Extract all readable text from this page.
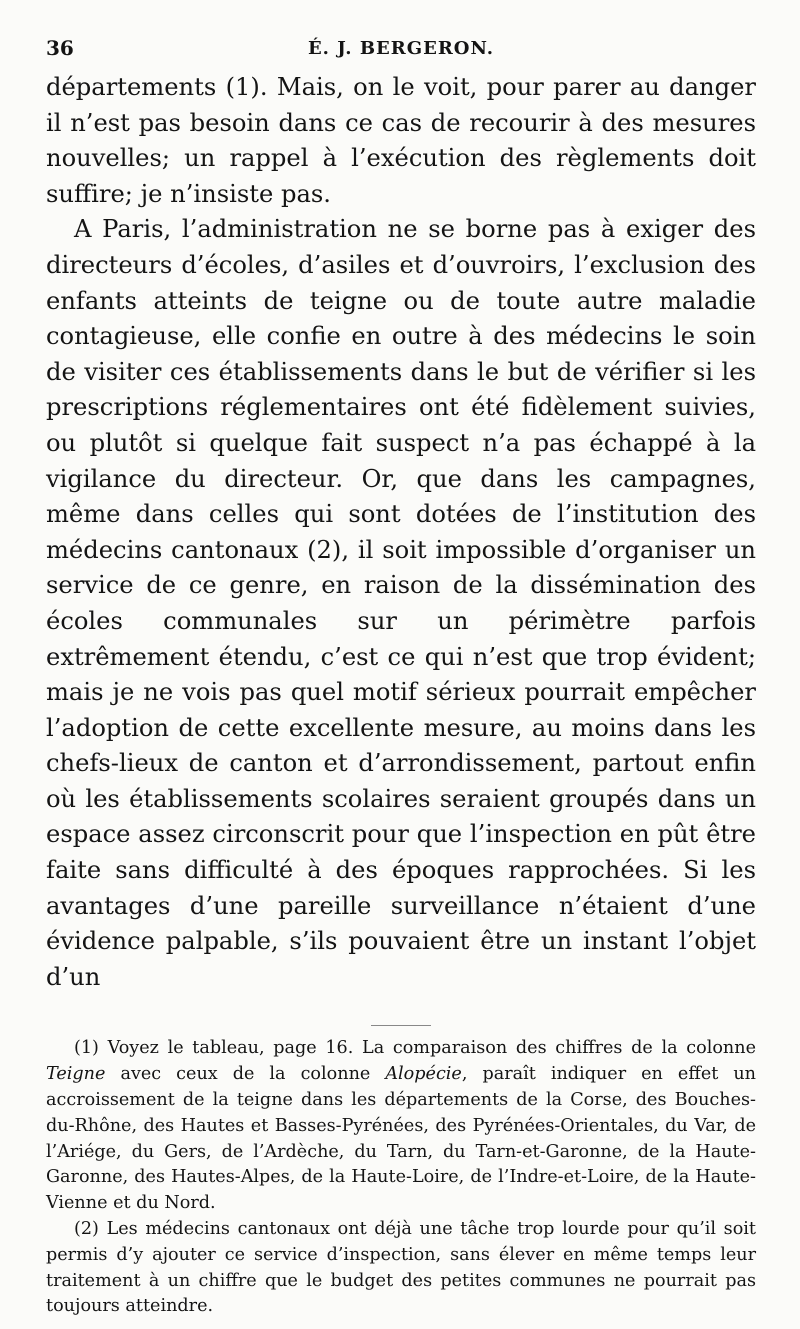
36	É. J. BERGERON.

départements (1). Mais, on le voit, pour parer au danger il n’est pas besoin dans ce cas de recourir à des mesures nouvelles; un rappel à l’exécution des règlements doit suffire; je n’insiste pas.

A Paris, l’administration ne se borne pas à exiger des directeurs d’écoles, d’asiles et d’ouvroirs, l’exclusion des enfants atteints de teigne ou de toute autre maladie contagieuse, elle confie en outre à des médecins le soin de visiter ces établissements dans le but de vérifier si les prescriptions réglementaires ont été fidèlement suivies, ou plutôt si quelque fait suspect n’a pas échappé à la vigilance du directeur. Or, que dans les campagnes, même dans celles qui sont dotées de l’institution des médecins cantonaux (2), il soit impossible d’organiser un service de ce genre, en raison de la dissémination des écoles communales sur un périmètre parfois extrêmement étendu, c’est ce qui n’est que trop évident; mais je ne vois pas quel motif sérieux pourrait empêcher l’adoption de cette excellente mesure, au moins dans les chefs-lieux de canton et d’arrondissement, partout enfin où les établissements scolaires seraient groupés dans un espace assez circonscrit pour que l’inspection en pût être faite sans difficulté à des époques rapprochées. Si les avantages d’une pareille surveillance n’étaient d’une évidence palpable, s’ils pouvaient être un instant l’objet d’un

(1) Voyez le tableau, page 16. La comparaison des chiffres de la colonne Teigne avec ceux de la colonne Alopécie, paraît indiquer en effet un accroissement de la teigne dans les départements de la Corse, des Bouches-du-Rhône, des Hautes et Basses-Pyrénées, des Pyrénées-Orientales, du Var, de l’Ariége, du Gers, de l’Ardèche, du Tarn, du Tarn-et-Garonne, de la Haute-Garonne, des Hautes-Alpes, de la Haute-Loire, de l’Indre-et-Loire, de la Haute-Vienne et du Nord.

(2) Les médecins cantonaux ont déjà une tâche trop lourde pour qu’il soit permis d’y ajouter ce service d’inspection, sans élever en même temps leur traitement à un chiffre que le budget des petites communes ne pourrait pas toujours atteindre.
